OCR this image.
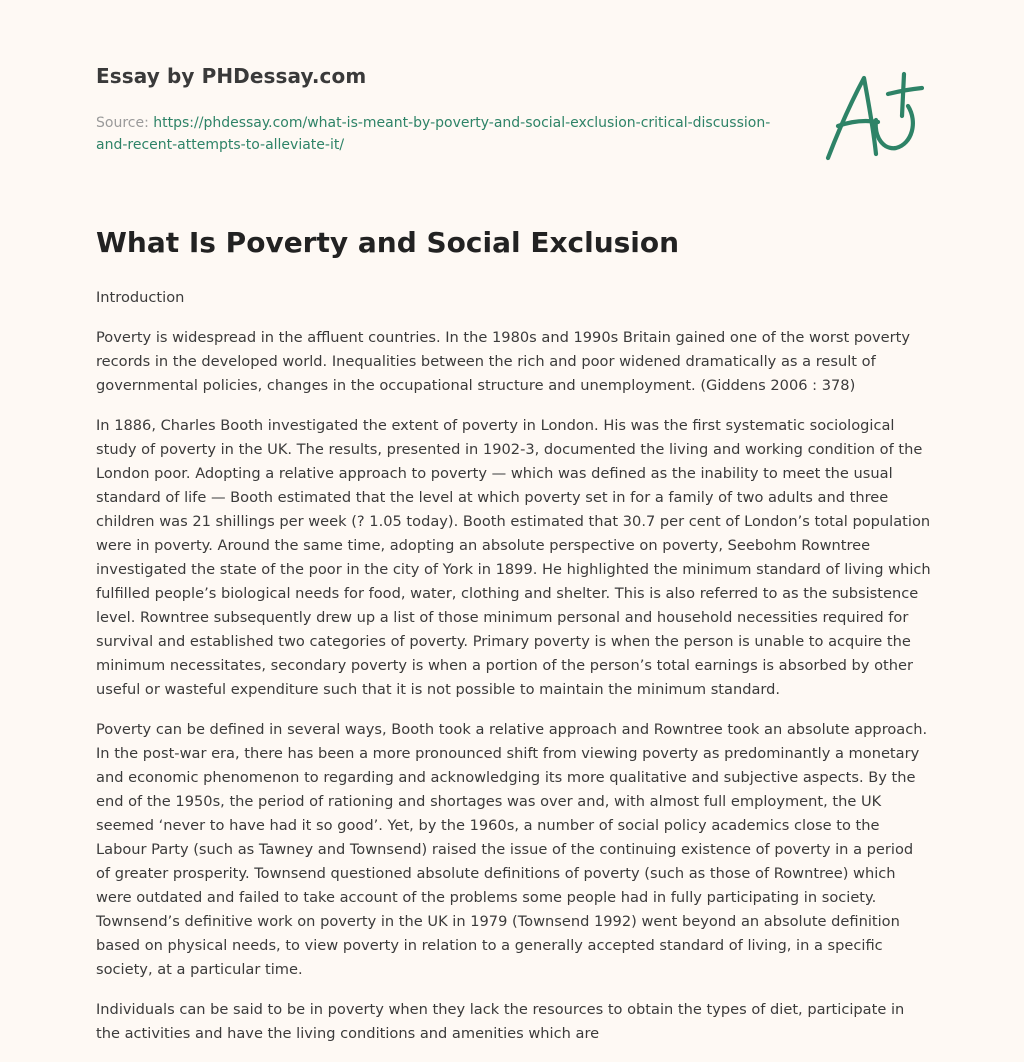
Essay by PHDessay.com
Source: https://phdessay.com/what-is-meant-by-poverty-and-social-exclusion-critical-discussion-and-recent-attempts-to-alleviate-it/
What Is Poverty and Social Exclusion

Introduction

Poverty is widespread in the affluent countries. In the 1980s and 1990s Britain gained one of the worst poverty records in the developed world. Inequalities between the rich and poor widened dramatically as a result of governmental policies, changes in the occupational structure and unemployment. (Giddens 2006 : 378)

In 1886, Charles Booth investigated the extent of poverty in London. His was the first systematic sociological study of poverty in the UK. The results, presented in 1902-3, documented the living and working condition of the London poor. Adopting a relative approach to poverty — which was defined as the inability to meet the usual standard of life — Booth estimated that the level at which poverty set in for a family of two adults and three children was 21 shillings per week (? 1.05 today). Booth estimated that 30.7 per cent of London’s total population were in poverty. Around the same time, adopting an absolute perspective on poverty, Seebohm Rowntree investigated the state of the poor in the city of York in 1899. He highlighted the minimum standard of living which fulfilled people’s biological needs for food, water, clothing and shelter. This is also referred to as the subsistence level. Rowntree subsequently drew up a list of those minimum personal and household necessities required for survival and established two categories of poverty. Primary poverty is when the person is unable to acquire the minimum necessitates, secondary poverty is when a portion of the person’s total earnings is absorbed by other useful or wasteful expenditure such that it is not possible to maintain the minimum standard.

Poverty can be defined in several ways, Booth took a relative approach and Rowntree took an absolute approach. In the post-war era, there has been a more pronounced shift from viewing poverty as predominantly a monetary and economic phenomenon to regarding and acknowledging its more qualitative and subjective aspects. By the end of the 1950s, the period of rationing and shortages was over and, with almost full employment, the UK seemed ‘never to have had it so good’. Yet, by the 1960s, a number of social policy academics close to the Labour Party (such as Tawney and Townsend) raised the issue of the continuing existence of poverty in a period of greater prosperity. Townsend questioned absolute definitions of poverty (such as those of Rowntree) which were outdated and failed to take account of the problems some people had in fully participating in society. Townsend’s definitive work on poverty in the UK in 1979 (Townsend 1992) went beyond an absolute definition based on physical needs, to view poverty in relation to a generally accepted standard of living, in a specific society, at a particular time.

Individuals can be said to be in poverty when they lack the resources to obtain the types of diet, participate in the activities and have the living conditions and amenities which are
